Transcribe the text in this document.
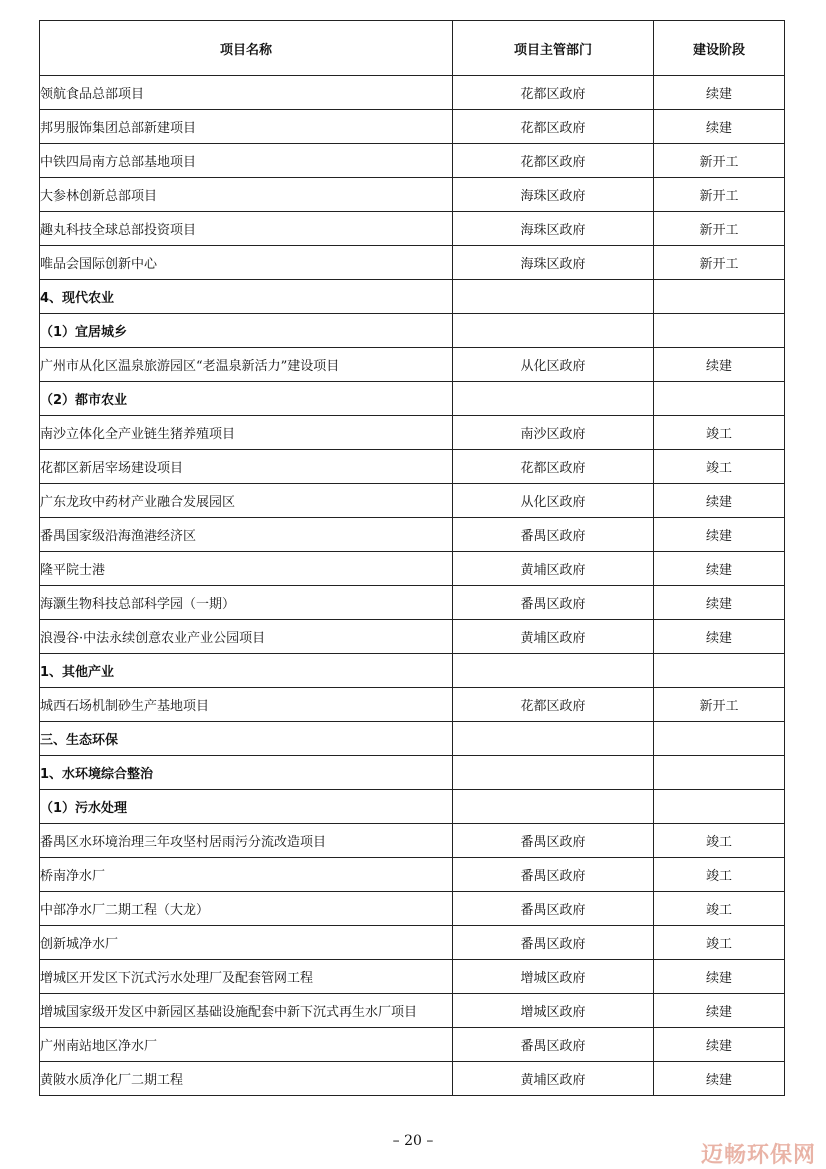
项目名称	项目主管部门	建设阶段
领航食品总部项目	花都区政府	续建
邦男服饰集团总部新建项目	花都区政府	续建
中铁四局南方总部基地项目	花都区政府	新开工
大参林创新总部项目	海珠区政府	新开工
趣丸科技全球总部投资项目	海珠区政府	新开工
唯品会国际创新中心	海珠区政府	新开工
4、现代农业		
（1）宜居城乡		
广州市从化区温泉旅游园区“老温泉新活力”建设项目	从化区政府	续建
（2）都市农业		
南沙立体化全产业链生猪养殖项目	南沙区政府	竣工
花都区新居宰场建设项目	花都区政府	竣工
广东龙玫中药材产业融合发展园区	从化区政府	续建
番禺国家级沿海渔港经济区	番禺区政府	续建
隆平院士港	黄埔区政府	续建
海灏生物科技总部科学园（一期）	番禺区政府	续建
浪漫谷·中法永续创意农业产业公园项目	黄埔区政府	续建
1、其他产业		
城西石场机制砂生产基地项目	花都区政府	新开工
三、生态环保		
1、水环境综合整治		
（1）污水处理		
番禺区水环境治理三年攻坚村居雨污分流改造项目	番禺区政府	竣工
桥南净水厂	番禺区政府	竣工
中部净水厂二期工程（大龙）	番禺区政府	竣工
创新城净水厂	番禺区政府	竣工
增城区开发区下沉式污水处理厂及配套管网工程	增城区政府	续建
增城国家级开发区中新园区基础设施配套中新下沉式再生水厂项目	增城区政府	续建
广州南站地区净水厂	番禺区政府	续建
黄陂水质净化厂二期工程	黄埔区政府	续建
– 20 –
迈畅环保网
